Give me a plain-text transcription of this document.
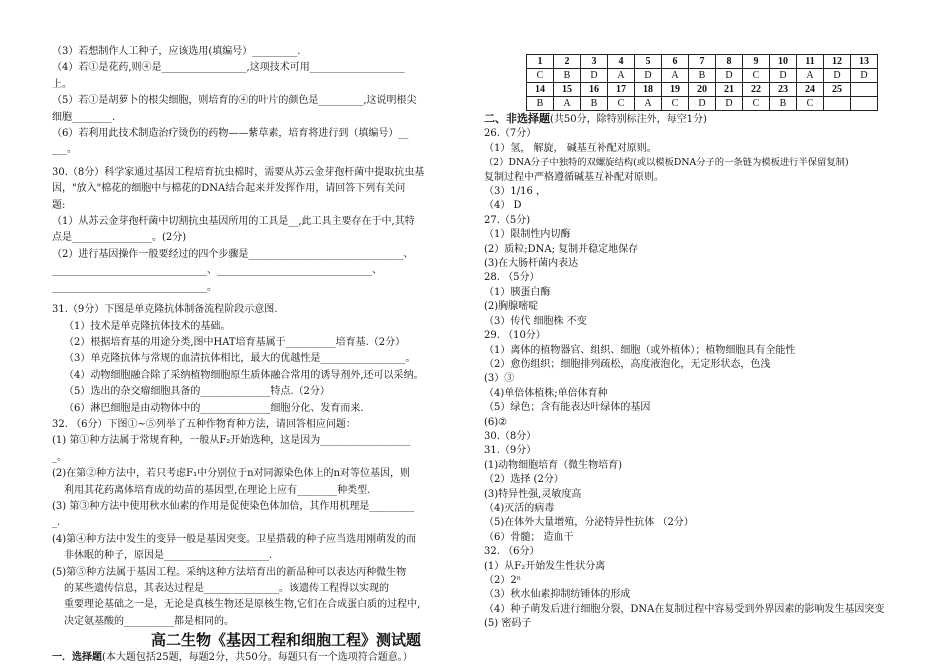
（3）若想制作人工种子，应该选用(填编号）_________.
（4）若①是花药,则④是_________________,这项技术可用___________________
上。
（5）若①是胡萝卜的根尖细胞，则培育的④的叶片的颜色是_________,这说明根尖
细胞________.
（6）若利用此技术制造治疗烫伤的药物——紫草素，培育将进行到（填编号）__
___。
30.（8分）科学家通过基因工程培育抗虫棉时，需要从苏云金芽孢杆菌中提取抗虫基
因，"放入"棉花的细胞中与棉花的DNA结合起来并发挥作用，请回答下列有关问
题:
（1）从苏云金芽孢杆菌中切割抗虫基因所用的工具是__,此工具主要存在于中,其特
点是________________。(2分)
（2）进行基因操作一般要经过的四个步骤是_______________________________、
_______________________________、_______________________________、
_______________________________。
31.（9分）下图是单克隆抗体制备流程阶段示意图.
（1）技术是单克隆抗体技术的基础。
（2）根据培育基的用途分类,图中HAT培育基属于__________培育基.（2分）
（3）单克隆抗体与常规的血清抗体相比，最大的优越性是_________________。
（4）动物细胞融合除了采纳植物细胞原生质体融合常用的诱导剂外,还可以采纳。
（5）选出的杂交瘤细胞具备的______________特点.（2分）
（6）淋巴细胞是由动物体中的______________细胞分化、发育而来.
32. （6分）下图①~⑤列举了五种作物育种方法，请回答相应问题：
(1) 第①种方法属于常规育种，一般从F₂开始选种，这是因为__________________
_。
(2)在第②种方法中，若只考虑F₁中分别位于n对同源染色体上的n对等位基因，则
利用其花药离体培育成的幼苗的基因型,在理论上应有________种类型.
(3) 第③种方法中使用秋水仙素的作用是促使染色体加倍，其作用机理是_________
_.
(4)第④种方法中发生的变异一般是基因突变。卫星搭载的种子应当选用刚萌发的而
非休眠的种子，原因是_____________________.
(5)第⑤种方法属于基因工程。采纳这种方法培育出的新品种可以表达丙种微生物
的某些遗传信息，其表达过程是_______________。该遗传工程得以实现的
重要理论基础之一是，无论是真核生物还是原核生物,它们在合成蛋白质的过程中,
决定氨基酸的__________都是相同的。
高二生物《基因工程和细胞工程》测试题
一．选择题(本大题包括25题，每题2分，共50分。每题只有一个选项符合题意。）
1	2	3	4	5	6	7	8	9	10	11	12	13
C	B	D	A	D	A	B	D	C	D	A	D	D
14	15	16	17	18	19	20	21	22	23	24	25	
B	A	B	C	A	C	D	D	C	B	C		
二、非选择题(共50分，除特别标注外，每空1分)
26.（7分）
（1）氢， 解旋， 碱基互补配对原则。
（2）DNA分子中独特的双螺旋结构(或以模板DNA分子的一条链为模板进行半保留复制)
复制过程中严格遵循碱基互补配对原则。
（3）1/16 ，
（4） D
27.（5分)
（1）限制性内切酶
(2）质粒;DNA; 复制并稳定地保存
(3)在大肠杆菌内表达
28. （5分）
（1）胰蛋白酶
(2)胸腺嘧啶
（3）传代 细胞株 不变
29. （10分）
（1）离体的植物器官、组织、细胞（或外植体）；植物细胞具有全能性
（2）愈伤组织；细胞排列疏松，高度液泡化，无定形状态，色浅
(3）③
（4)单倍体植株;单倍体育种
（5）绿色；含有能表达叶绿体的基因
(6)②
30.（8分）
31.（9分）
(1)动物细胞培育（微生物培育)
（2）选择 (2分）
(3)特异性强,灵敏度高
（4)灭活的病毒
（5)在体外大量增殖，分泌特异性抗体 （2分）
（6）骨髓； 造血干
32. （6分）
(1）从F₂开始发生性状分离
（2）2ⁿ
（3）秋水仙素抑制纺锤体的形成
（4）种子萌发后进行细胞分裂，DNA在复制过程中容易受到外界因素的影响发生基因突变
(5) 密码子
